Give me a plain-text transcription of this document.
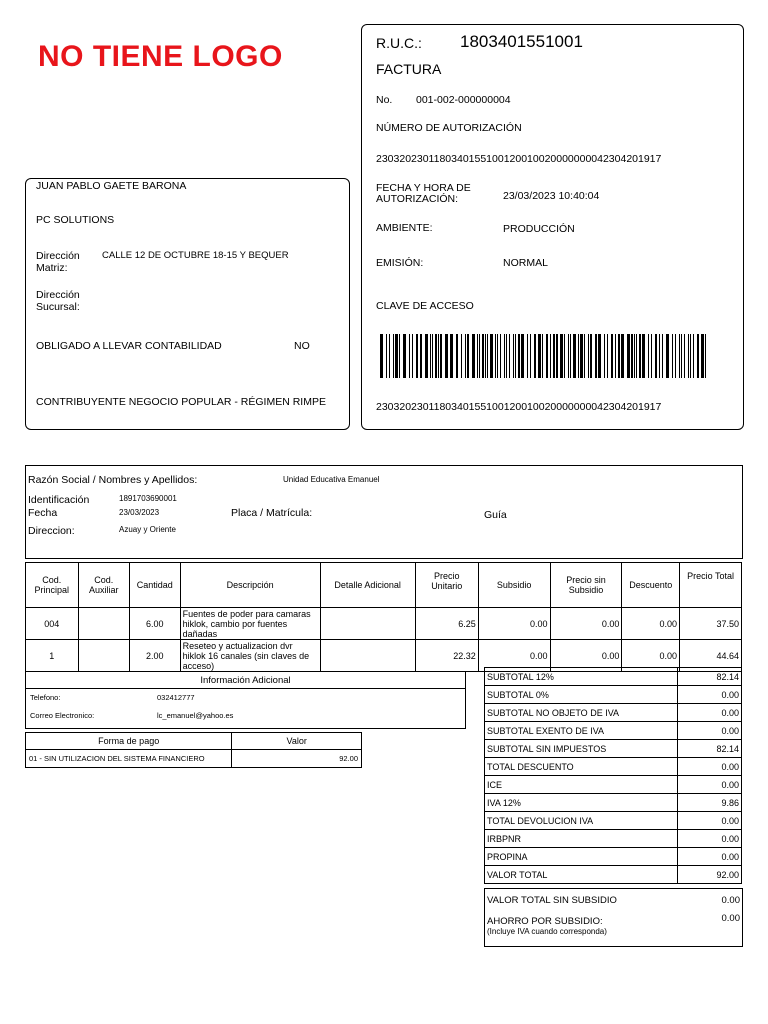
NO TIENE LOGO
JUAN PABLO GAETE BARONA
PC SOLUTIONS
Dirección Matriz:
CALLE 12 DE OCTUBRE 18-15 Y BEQUER
Dirección Sucursal:
OBLIGADO A LLEVAR CONTABILIDAD	NO
CONTRIBUYENTE NEGOCIO POPULAR - RÉGIMEN RIMPE
R.U.C.: 1803401551001
FACTURA
No. 001-002-000000004
NÚMERO DE AUTORIZACIÓN
2303202301180340155100120010020000000042304201917
FECHA Y HORA DE AUTORIZACIÓN:	23/03/2023 10:40:04
AMBIENTE:	PRODUCCIÓN
EMISIÓN:	NORMAL
CLAVE DE ACCESO
2303202301180340155100120010020000000042304201917
Razón Social / Nombres y Apellidos:	Unidad Educativa Emanuel
Identificación	1891703690001
Fecha	23/03/2023	Placa / Matrícula:	Guía
Direccion:	Azuay y Oriente
Cod. Principal	Cod. Auxiliar	Cantidad	Descripción	Detalle Adicional	Precio Unitario	Subsidio	Precio sin Subsidio	Descuento	Precio Total
004		6.00	Fuentes de poder para camaras hiklok, cambio por fuentes dañadas		6.25	0.00	0.00	0.00	37.50
1		2.00	Reseteo y actualizacion dvr hiklok 16 canales (sin claves de acceso)		22.32	0.00	0.00	0.00	44.64
Información Adicional
Telefono:	032412777
Correo Electronico:	lc_emanuel@yahoo.es
Forma de pago	Valor
01 - SIN UTILIZACION DEL SISTEMA FINANCIERO	92.00
SUBTOTAL 12%	82.14
SUBTOTAL 0%	0.00
SUBTOTAL NO OBJETO DE IVA	0.00
SUBTOTAL EXENTO DE IVA	0.00
SUBTOTAL SIN IMPUESTOS	82.14
TOTAL DESCUENTO	0.00
ICE	0.00
IVA 12%	9.86
TOTAL DEVOLUCION IVA	0.00
IRBPNR	0.00
PROPINA	0.00
VALOR TOTAL	92.00
VALOR TOTAL SIN SUBSIDIO	0.00
AHORRO POR SUBSIDIO:
(Incluye IVA cuando corresponda)
0.00
